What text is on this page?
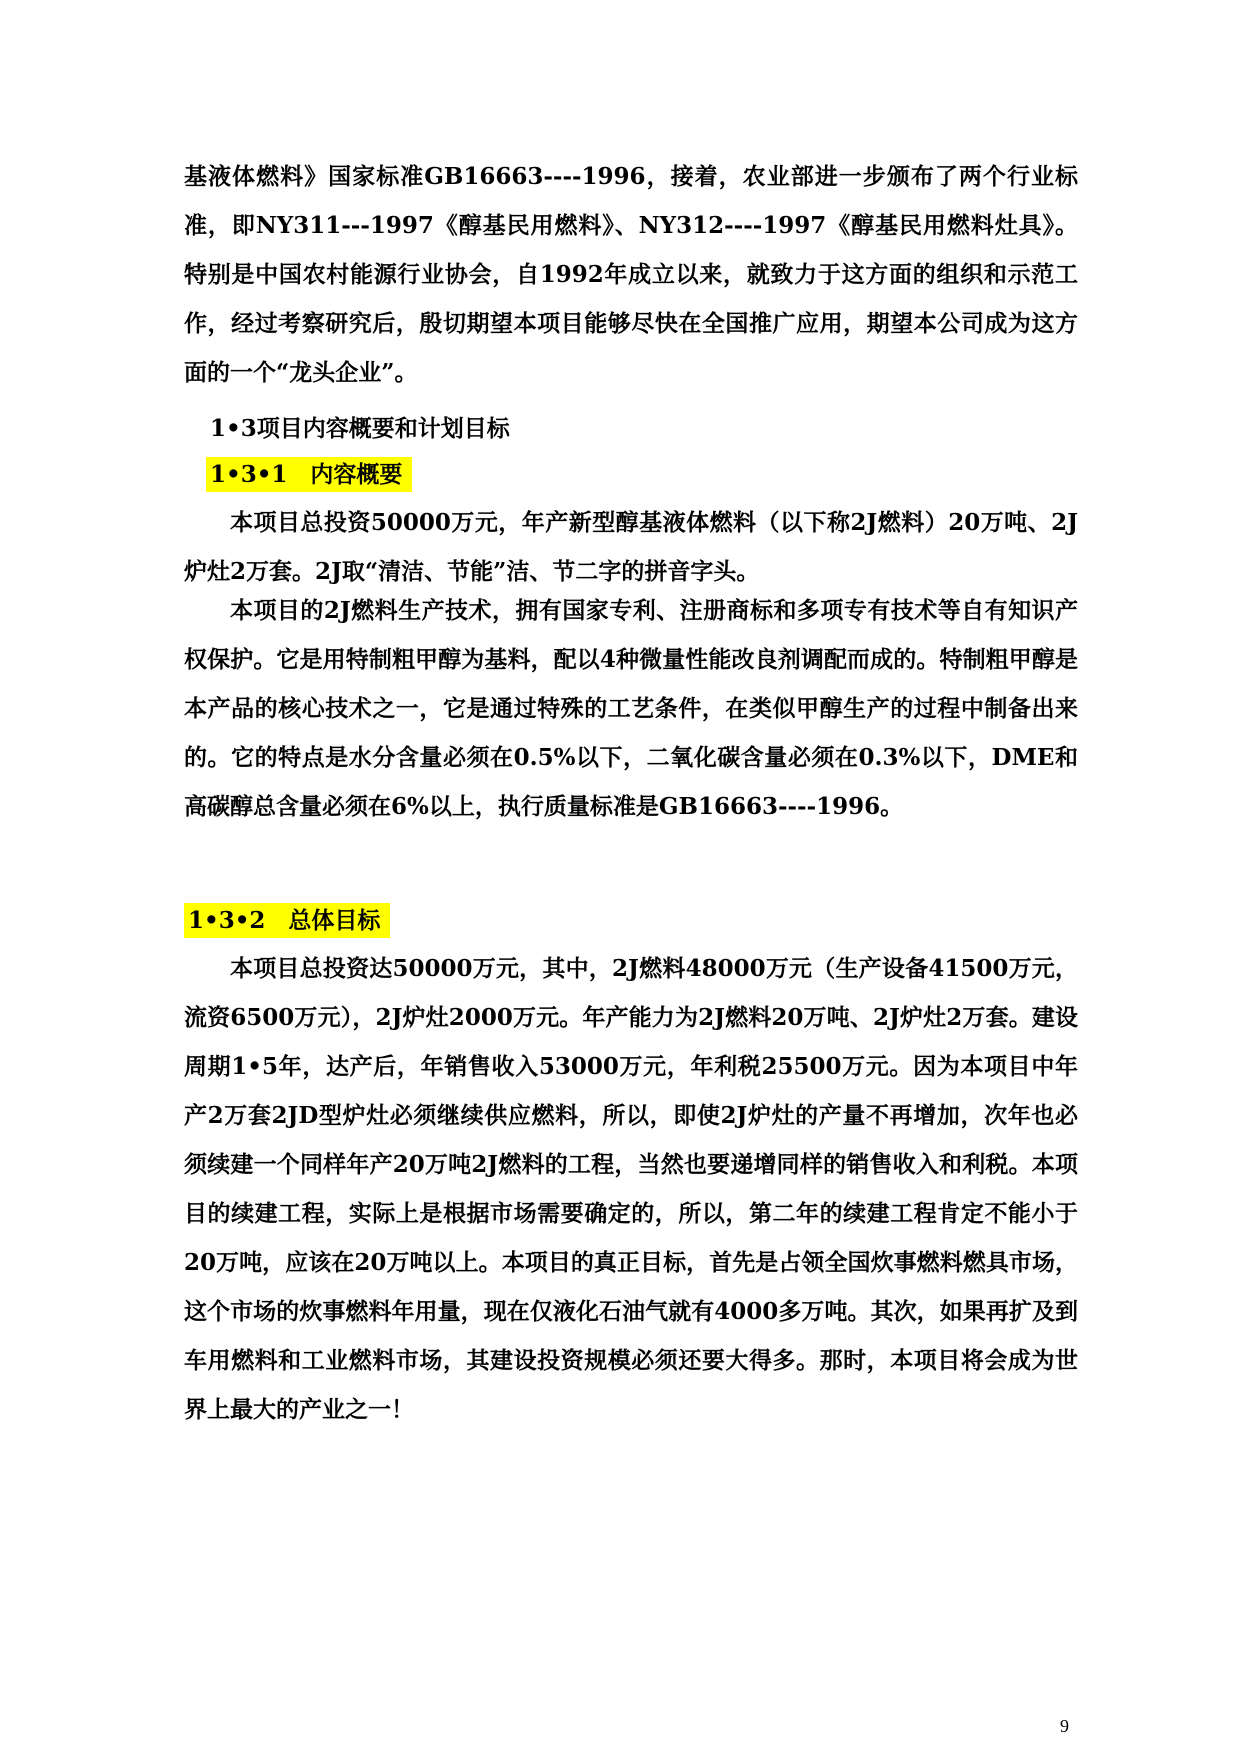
基液体燃料》国家标准GB16663----1996，接着，农业部进一步颁布了两个行业标准，即NY311---1997《醇基民用燃料》、NY312----1997《醇基民用燃料灶具》。特别是中国农村能源行业协会，自1992年成立以来，就致力于这方面的组织和示范工作，经过考察研究后，殷切期望本项目能够尽快在全国推广应用，期望本公司成为这方面的一个“龙头企业”。

1•3项目内容概要和计划目标

1•3•1　内容概要

本项目总投资50000万元，年产新型醇基液体燃料（以下称2J燃料）20万吨、2J炉灶2万套。2J取“清洁、节能”洁、节二字的拼音字头。

本项目的2J燃料生产技术，拥有国家专利、注册商标和多项专有技术等自有知识产权保护。它是用特制粗甲醇为基料，配以4种微量性能改良剂调配而成的。特制粗甲醇是本产品的核心技术之一，它是通过特殊的工艺条件，在类似甲醇生产的过程中制备出来的。它的特点是水分含量必须在0.5%以下，二氧化碳含量必须在0.3%以下，DME和高碳醇总含量必须在6%以上，执行质量标准是GB16663----1996。

1•3•2　总体目标

本项目总投资达50000万元，其中，2J燃料48000万元（生产设备41500万元，流资6500万元），2J炉灶2000万元。年产能力为2J燃料20万吨、2J炉灶2万套。建设周期1•5年，达产后，年销售收入53000万元，年利税25500万元。因为本项目中年产2万套2JD型炉灶必须继续供应燃料，所以，即使2J炉灶的产量不再增加，次年也必须续建一个同样年产20万吨2J燃料的工程，当然也要递增同样的销售收入和利税。本项目的续建工程，实际上是根据市场需要确定的，所以，第二年的续建工程肯定不能小于20万吨，应该在20万吨以上。本项目的真正目标，首先是占领全国炊事燃料燃具市场，这个市场的炊事燃料年用量，现在仅液化石油气就有4000多万吨。其次，如果再扩及到车用燃料和工业燃料市场，其建设投资规模必须还要大得多。那时，本项目将会成为世界上最大的产业之一！

9
